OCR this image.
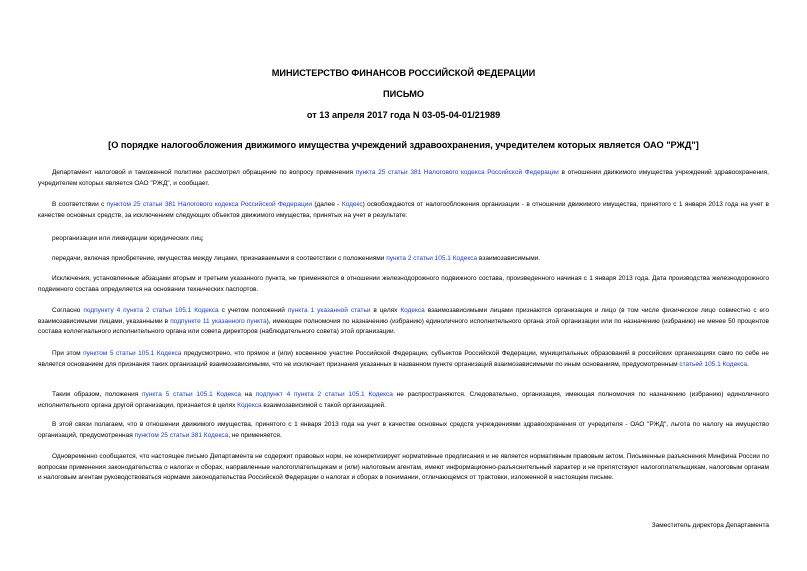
МИНИСТЕРСТВО ФИНАНСОВ РОССИЙСКОЙ ФЕДЕРАЦИИ
ПИСЬМО
от 13 апреля 2017 года N 03-05-04-01/21989
[О порядке налогообложения движимого имущества учреждений здравоохранения, учредителем которых является ОАО "РЖД"]
Департамент налоговой и таможенной политики рассмотрел обращение по вопросу применения пункта 25 статьи 381 Налогового кодекса Российской Федерации в отношении движимого имущества учреждений здравоохранения, учредителем которых является ОАО "РЖД", и сообщает.
В соответствии с пунктом 25 статьи 381 Налогового кодекса Российской Федерации (далее - Кодекс) освобождаются от налогообложения организации - в отношении движимого имущества, принятого с 1 января 2013 года на учет в качестве основных средств, за исключением следующих объектов движимого имущества, принятых на учет в результате:
реорганизации или ликвидации юридических лиц;
передачи, включая приобретение, имущества между лицами, признаваемыми в соответствии с положениями пункта 2 статьи 105.1 Кодекса взаимозависимыми.
Исключения, установленные абзацами вторым и третьим указанного пункта, не применяются в отношении железнодорожного подвижного состава, произведенного начиная с 1 января 2013 года. Дата производства железнодорожного подвижного состава определяется на основании технических паспортов.
Согласно подпункту 4 пункта 2 статьи 105.1 Кодекса с учетом положений пункта 1 указанной статьи в целях Кодекса взаимозависимыми лицами признаются организация и лицо (в том числе физическое лицо совместно с его взаимозависимыми лицами, указанными в подпункте 11 указанного пункта), имеющее полномочия по назначению (избранию) единоличного исполнительного органа этой организации или по назначению (избранию) не менее 50 процентов состава коллегиального исполнительного органа или совета директоров (наблюдательного совета) этой организации.
При этом пунктом 5 статьи 105.1 Кодекса предусмотрено, что прямое и (или) косвенное участие Российской Федерации, субъектов Российской Федерации, муниципальных образований в российских организациях само по себе не является основанием для признания таких организаций взаимозависимыми, что не исключает признания указанных в названном пункте организаций взаимозависимыми по иным основаниям, предусмотренным статьей 105.1 Кодекса.
Таким образом, положения пункта 5 статьи 105.1 Кодекса на подпункт 4 пункта 2 статьи 105.1 Кодекса не распространяются. Следовательно, организация, имеющая полномочия по назначению (избранию) единоличного исполнительного органа другой организации, признается в целях Кодекса взаимозависимой с такой организацией.
В этой связи полагаем, что в отношении движимого имущества, принятого с 1 января 2013 года на учет в качестве основных средств учреждениями здравоохранения от учредителя - ОАО "РЖД", льгота по налогу на имущество организаций, предусмотренная пунктом 25 статьи 381 Кодекса, не применяется.
Одновременно сообщается, что настоящее письмо Департамента не содержит правовых норм, не конкретизирует нормативные предписания и не является нормативным правовым актом. Письменные разъяснения Минфина России по вопросам применения законодательства о налогах и сборах, направленные налогоплательщикам и (или) налоговым агентам, имеют информационно-разъяснительный характер и не препятствуют налогоплательщикам, налоговым органам и налоговым агентам руководствоваться нормами законодательства Российской Федерации о налогах и сборах в понимании, отличающемся от трактовки, изложенной в настоящем письме.
Заместитель директора Департамента
